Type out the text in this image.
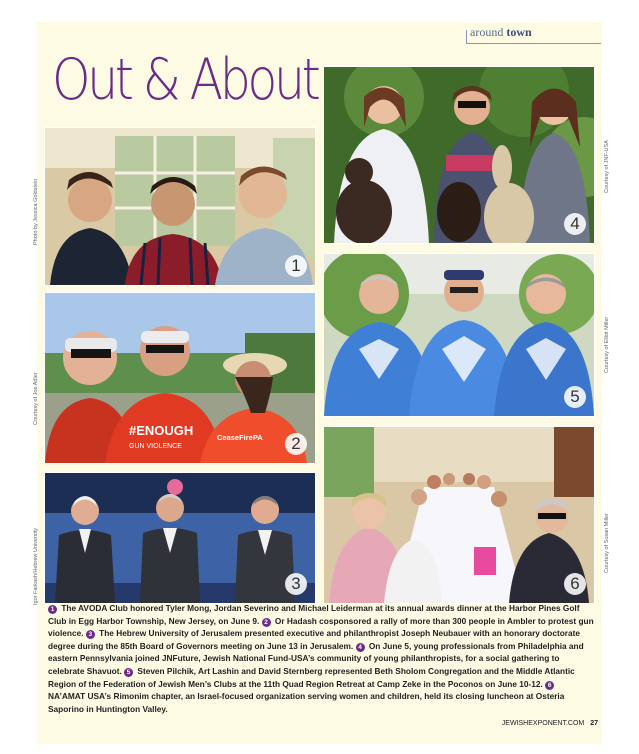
around town
Out & About
1
#ENOUGH
GUN VIOLENCE
CeaseFirePA	2
3
4
5
6
Photo by Jessica Goldstein
Courtesy of Joe Adler
Igor Farkash/Hebrew University
Courtesy of JNF-USA
Courtesy of Elliot Miller
Courtesy of Susan Miller
1 The AVODA Club honored Tyler Mong, Jordan Severino and Michael Leiderman at its annual awards dinner at the Harbor Pines Golf Club in Egg Harbor Township, New Jersey, on June 9. 2 Or Hadash cosponsored a rally of more than 300 people in Ambler to protest gun violence. 3 The Hebrew University of Jerusalem presented executive and philanthropist Joseph Neubauer with an honorary doctorate degree during the 85th Board of Governors meeting on June 13 in Jerusalem. 4 On June 5, young professionals from Philadelphia and eastern Pennsylvania joined JNFuture, Jewish National Fund-USA’s community of young philanthropists, for a social gathering to celebrate Shavuot. 5 Steven Pilchik, Art Lashin and David Sternberg represented Beth Sholom Congregation and the Middle Atlantic Region of the Federation of Jewish Men’s Clubs at the 11th Quad Region Retreat at Camp Zeke in the Poconos on June 10-12. 6 NA’AMAT USA’s Rimonim chapter, an Israel-focused organization serving women and children, held its closing luncheon at Osteria Saporino in Huntington Valley.
JEWISHEXPONENT.COM 27
